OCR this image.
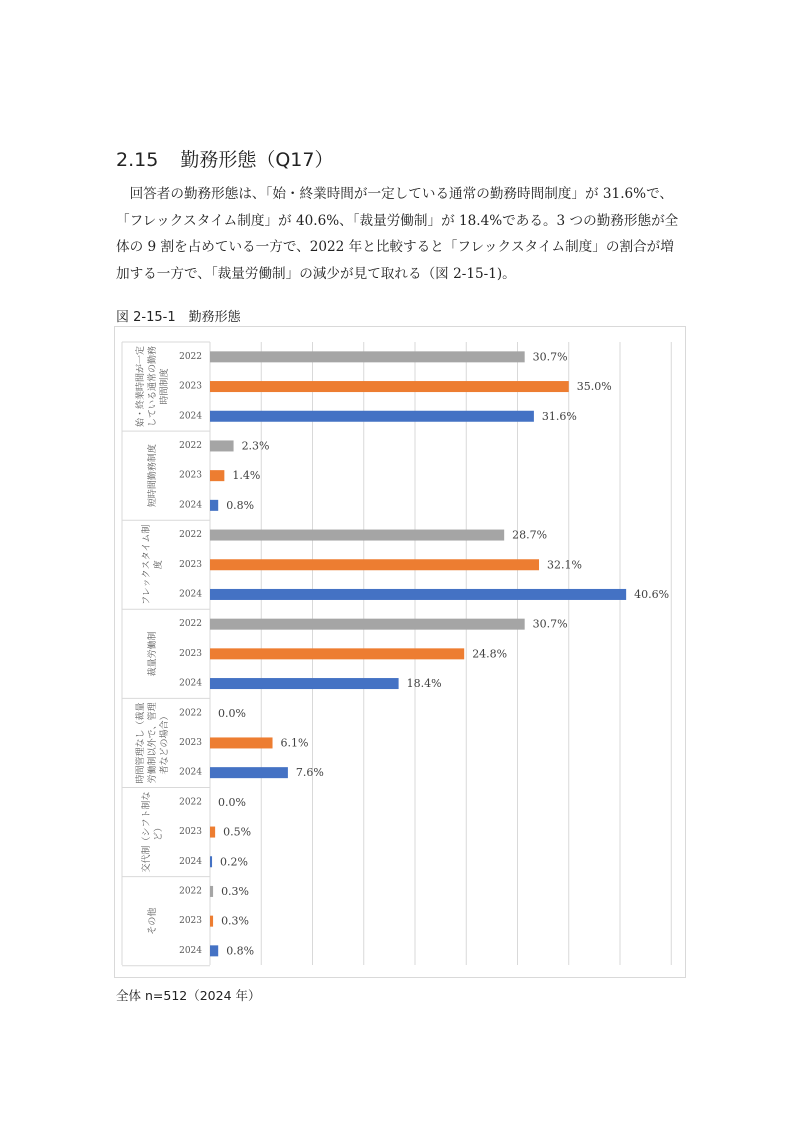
2.15 勤務形態（Q17）

　回答者の勤務形態は、「始・終業時間が一定している通常の勤務時間制度」が 31.6%で、

「フレックスタイム制度」が 40.6%、「裁量労働制」が 18.4%である。3 つの勤務形態が全

体の 9 割を占めている一方で、2022 年と比較すると「フレックスタイム制度」の割合が増

加する一方で、「裁量労働制」の減少が見て取れる（図 2-15-1)。

図 2-15-1　勤務形態
始・終業時間が一定 している通常の勤務 時間制度
2022	30.7%
2023	35.0%
2024	31.6%
短時間勤務制度 2022	2.3%
2023	1.4%
2024 0.8%
フレックスタイム制 度
2022	28.7%
2023	32.1%
2024	40.6%
裁量労働制
2022	30.7%
2023	24.8%
2024	18.4%
時間管理なし（裁量 労働制以外で、管理 者などの場合） 2022 0.0%
2023	6.1%
2024	7.6%
交代制（シフト制な ど）
2022 0.0%
2023 0.5%
2024 0.2%
その他
2022 0.3%
2023 0.3%
2024 0.8%
全体 n=512（2024 年）
